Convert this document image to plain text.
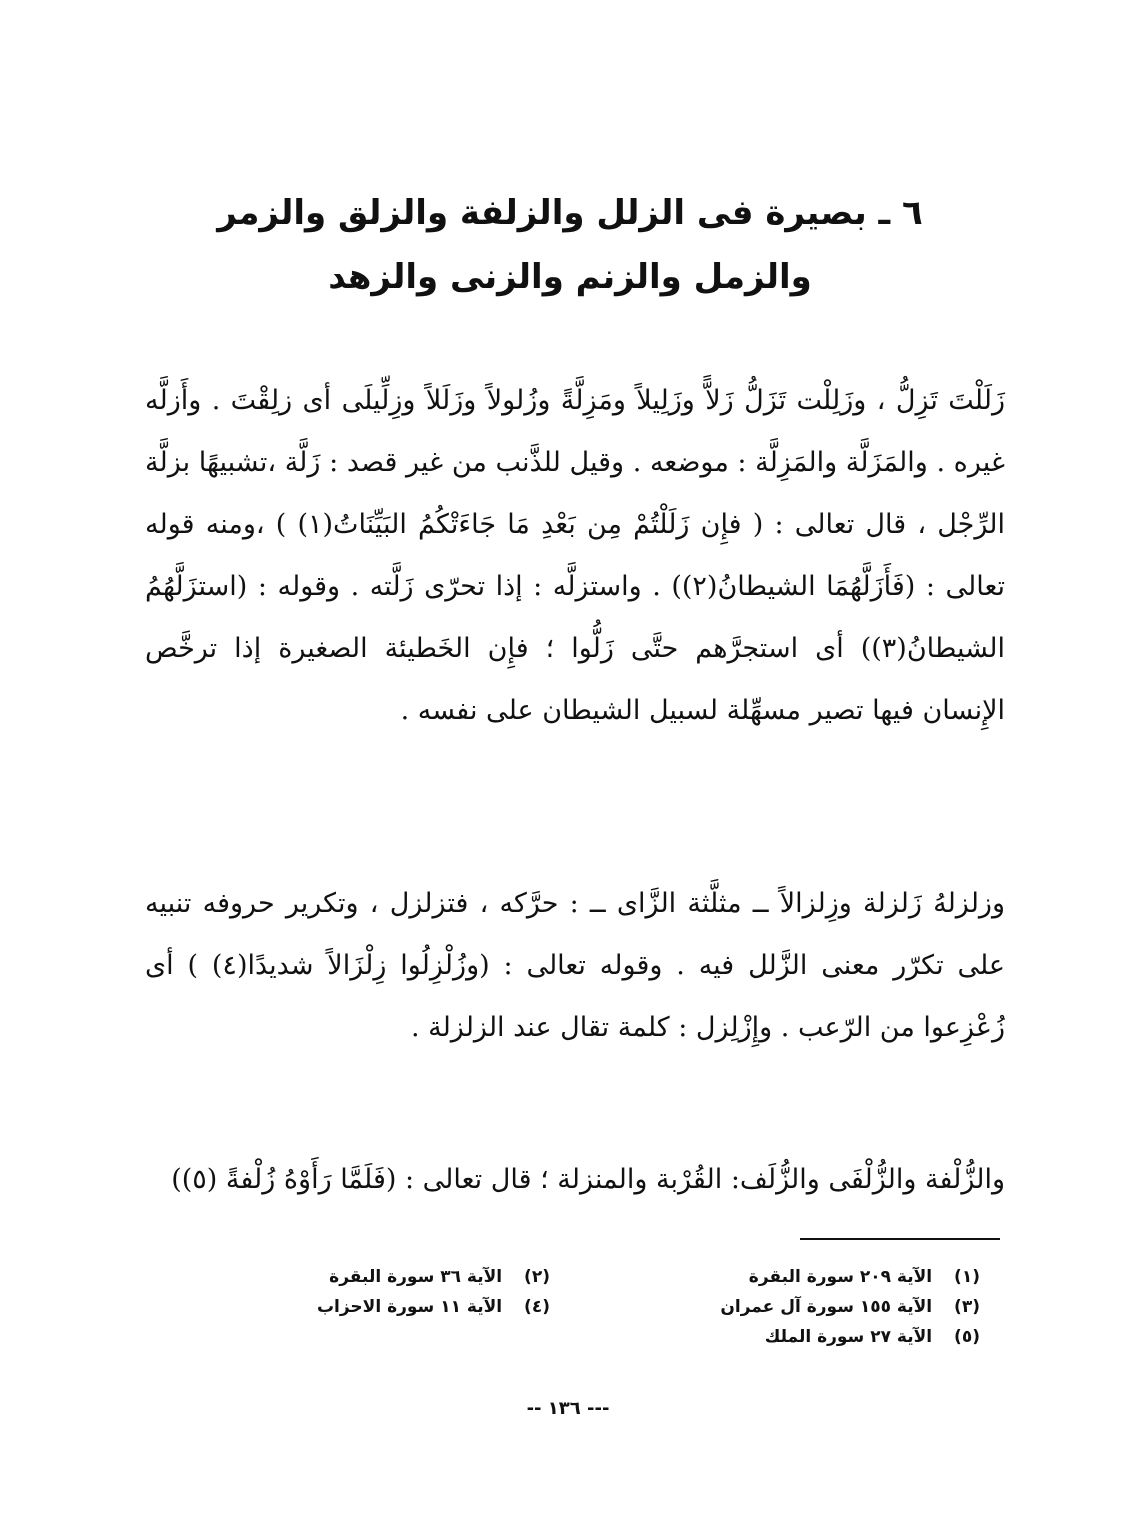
٦ ـ بصيرة فى الزلل والزلفة والزلق والزمر
والزمل والزنم والزنى والزهد

زَلَلْتَ تَزِلُّ ، وزَلِلْت تَزَلُّ زَلاًّ وزَلِيلاً ومَزِلَّةً وزُلولاً وزَلَلاً وزِلِّيلَى أى زلِقْتَ . وأَزلَّه غيره . والمَزَلَّة والمَزِلَّة : موضعه . وقيل للذَّنب من غير قصد : زَلَّة ،تشبيهًا بزلَّة الرِّجْل ، قال تعالى : ( فإِن زَلَلْتُمْ مِن بَعْدِ مَا جَاءَتْكُمُ البَيِّنَاتُ(١) ) ،ومنه قوله تعالى : (فَأَزَلَّهُمَا الشيطانُ(٢)) . واستزلَّه : إذا تحرّى زَلَّته . وقوله : (استزَلَّهُمُ الشيطانُ(٣)) أى استجرَّهم حتَّى زَلُّوا ؛ فإِن الخَطيئة الصغيرة إذا ترخَّص الإِنسان فيها تصير مسهِّلة لسبيل الشيطان على نفسه .

وزلزلهُ زَلزلة وزِلزالاً ــ مثلَّثة الزَّاى ــ : حرَّكه ، فتزلزل ، وتكرير حروفه تنبيه على تكرّر معنى الزَّلل فيه . وقوله تعالى : (وزُلْزِلُوا زِلْزَالاً شديدًا(٤) ) أى زُعْزِعوا من الرّعب . وإِزْلِزل : كلمة تقال عند الزلزلة .

والزُّلْفة والزُّلْفَى والزُّلَف: القُرْبة والمنزلة ؛ قال تعالى : (فَلَمَّا رَأَوْهُ زُلْفةً (٥))

(١) الآية ٢٠٩ سورة البقرة
(٣) الآية ١٥٥ سورة آل عمران
(٥) الآية ٢٧ سورة الملك
(٢) الآية ٣٦ سورة البقرة
(٤) الآية ١١ سورة الاحزاب
--- ١٣٦ --
